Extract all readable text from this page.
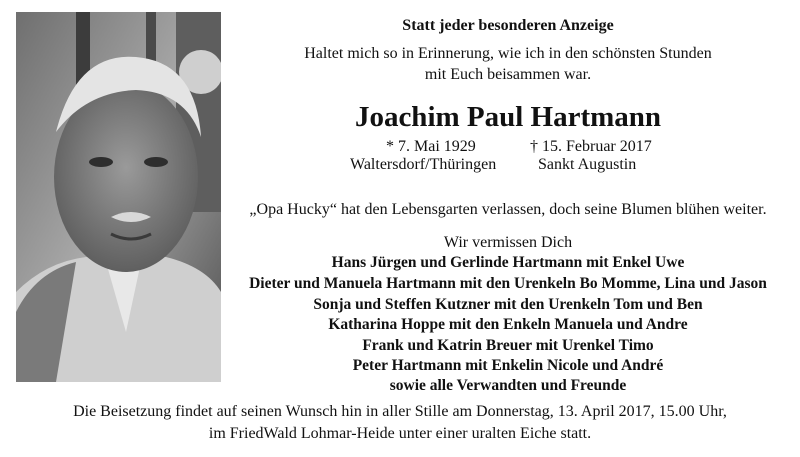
Statt jeder besonderen Anzeige
Haltet mich so in Erinnerung, wie ich in den schönsten Stunden
mit Euch beisammen war.
Joachim Paul Hartmann
* 7. Mai 1929
Waltersdorf/Thüringen
† 15. Februar 2017
Sankt Augustin
„Opa Hucky“ hat den Lebensgarten verlassen, doch seine Blumen blühen weiter.
Wir vermissen Dich
Hans Jürgen und Gerlinde Hartmann mit Enkel Uwe
Dieter und Manuela Hartmann mit den Urenkeln Bo Momme, Lina und Jason
Sonja und Steffen Kutzner mit den Urenkeln Tom und Ben
Katharina Hoppe mit den Enkeln Manuela und Andre
Frank und Katrin Breuer mit Urenkel Timo
Peter Hartmann mit Enkelin Nicole und André
sowie alle Verwandten und Freunde
Die Beisetzung findet auf seinen Wunsch hin in aller Stille am Donnerstag, 13. April 2017, 15.00 Uhr,
im FriedWald Lohmar-Heide unter einer uralten Eiche statt.
